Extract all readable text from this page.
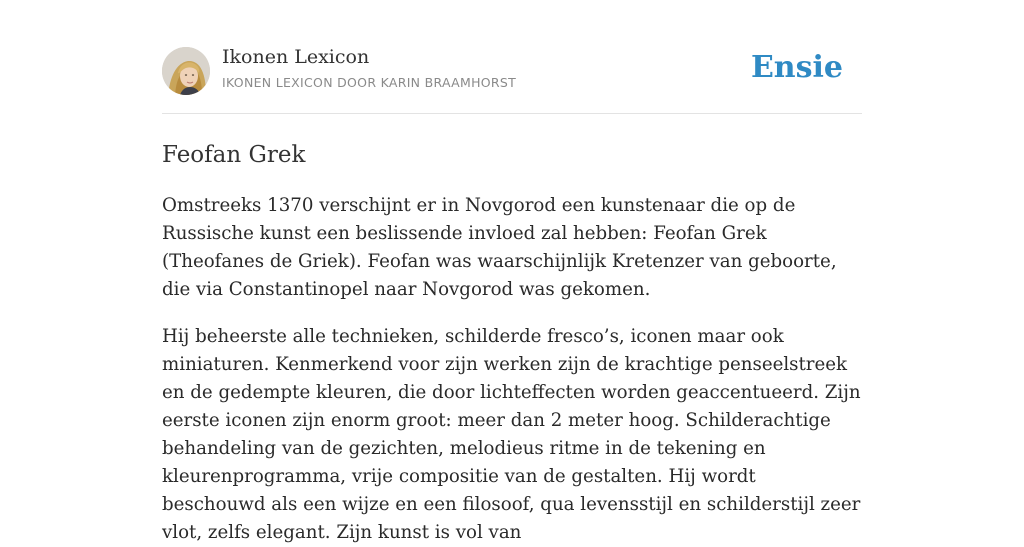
Ikonen Lexicon
IKONEN LEXICON DOOR KARIN BRAAMHORST	Ensie
Feofan Grek

Omstreeks 1370 verschijnt er in Novgorod een kunstenaar die op de Russische kunst een beslissende invloed zal hebben: Feofan Grek (Theofanes de Griek). Feofan was waarschijnlijk Kretenzer van geboorte, die via Constantinopel naar Novgorod was gekomen.

Hij beheerste alle technieken, schilderde fresco’s, iconen maar ook miniaturen. Kenmerkend voor zijn werken zijn de krachtige penseelstreek en de gedempte kleuren, die door lichteffecten worden geaccentueerd. Zijn eerste iconen zijn enorm groot: meer dan 2 meter hoog. Schilderachtige behandeling van de gezichten, melodieus ritme in de tekening en kleurenprogramma, vrije compositie van de gestalten. Hij wordt beschouwd als een wijze en een filosoof, qua levensstijl en schilderstijl zeer vlot, zelfs elegant. Zijn kunst is vol van
